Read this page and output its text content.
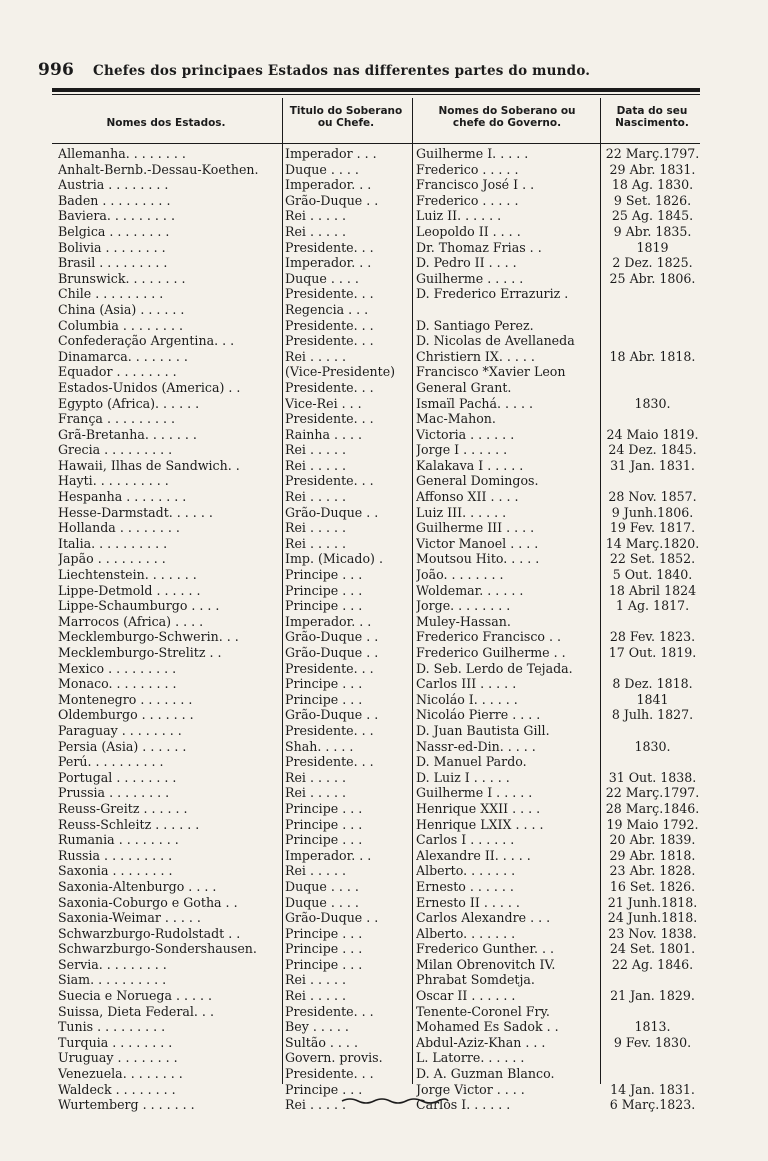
996 Chefes dos principaes Estados nas differentes partes do mundo.
Nomes dos Estados.
Titulo do Soberano
ou Chefe.
Nomes do Soberano ou
chefe do Governo.
Data do seu
Nascimento.
Allemanha. . . . . . . .	Imperador . . .	Guilherme I. . . . .	22 Març.1797.
Anhalt-Bernb.-Dessau-Koethen.	Duque . . . .	Frederico . . . . .	29 Abr. 1831.
Austria . . . . . . . .	Imperador. . .	Francisco José I . .	18 Ag. 1830.
Baden . . . . . . . . .	Grão-Duque . .	Frederico . . . . .	9 Set. 1826.
Baviera. . . . . . . . .	Rei . . . . .	Luiz II. . . . . .	25 Ag. 1845.
Belgica . . . . . . . .	Rei . . . . .	Leopoldo II . . . .	9 Abr. 1835.
Bolivia . . . . . . . .	Presidente. . .	Dr. Thomaz Frias . .	1819
Brasil . . . . . . . . .	Imperador. . .	D. Pedro II . . . .	2 Dez. 1825.
Brunswick. . . . . . . .	Duque . . . .	Guilherme . . . . .	25 Abr. 1806.
Chile . . . . . . . . .	Presidente. . .	D. Frederico Errazuriz .
China (Asia) . . . . . .	Regencia . . .
Columbia . . . . . . . .	Presidente. . .	D. Santiago Perez.
Confederação Argentina. . .	Presidente. . .	D. Nicolas de Avellaneda
Dinamarca. . . . . . . .	Rei . . . . .	Christiern IX. . . . .	18 Abr. 1818.
Equador . . . . . . . .	(Vice-Presidente)	Francisco *Xavier Leon
Estados-Unidos (America) . .	Presidente. . .	General Grant.
Egypto (Africa). . . . . .	Vice-Rei . . .	Ismaïl Pachá. . . . .	1830.
França . . . . . . . . .	Presidente. . .	Mac-Mahon.
Grã-Bretanha. . . . . . .	Rainha . . . .	Victoria . . . . . .	24 Maio 1819.
Grecia . . . . . . . . .	Rei . . . . .	Jorge I . . . . . .	24 Dez. 1845.
Hawaii, Ilhas de Sandwich. .	Rei . . . . .	Kalakava I . . . . .	31 Jan. 1831.
Hayti. . . . . . . . . .	Presidente. . .	General Domingos.
Hespanha . . . . . . . .	Rei . . . . .	Affonso XII . . . .	28 Nov. 1857.
Hesse-Darmstadt. . . . . .	Grão-Duque . .	Luiz III. . . . . .	9 Junh.1806.
Hollanda . . . . . . . .	Rei . . . . .	Guilherme III . . . .	19 Fev. 1817.
Italia. . . . . . . . . .	Rei . . . . .	Victor Manoel . . . .	14 Març.1820.
Japão . . . . . . . . .	Imp. (Micado) .	Moutsou Hito. . . . .	22 Set. 1852.
Liechtenstein. . . . . . .	Principe . . .	João. . . . . . . .	5 Out. 1840.
Lippe-Detmold . . . . . .	Principe . . .	Woldemar. . . . . .	18 Abril 1824
Lippe-Schaumburgo . . . .	Principe . . .	Jorge. . . . . . . .	1 Ag. 1817.
Marrocos (Africa) . . . .	Imperador. . .	Muley-Hassan.
Mecklemburgo-Schwerin. . .	Grão-Duque . .	Frederico Francisco . .	28 Fev. 1823.
Mecklemburgo-Strelitz . .	Grão-Duque . .	Frederico Guilherme . .	17 Out. 1819.
Mexico . . . . . . . . .	Presidente. . .	D. Seb. Lerdo de Tejada.
Monaco. . . . . . . . .	Principe . . .	Carlos III . . . . .	8 Dez. 1818.
Montenegro . . . . . . .	Principe . . .	Nicoláo I. . . . . .	1841
Oldemburgo . . . . . . .	Grão-Duque . .	Nicoláo Pierre . . . .	8 Julh. 1827.
Paraguay . . . . . . . .	Presidente. . .	D. Juan Bautista Gill.
Persia (Asia) . . . . . .	Shah. . . . .	Nassr-ed-Din. . . . .	1830.
Perú. . . . . . . . . .	Presidente. . .	D. Manuel Pardo.
Portugal . . . . . . . .	Rei . . . . .	D. Luiz I . . . . .	31 Out. 1838.
Prussia . . . . . . . .	Rei . . . . .	Guilherme I . . . . .	22 Març.1797.
Reuss-Greitz . . . . . .	Principe . . .	Henrique XXII . . . .	28 Març.1846.
Reuss-Schleitz . . . . . .	Principe . . .	Henrique LXIX . . . .	19 Maio 1792.
Rumania . . . . . . . .	Principe . . .	Carlos I . . . . . .	20 Abr. 1839.
Russia . . . . . . . . .	Imperador. . .	Alexandre II. . . . .	29 Abr. 1818.
Saxonia . . . . . . . .	Rei . . . . .	Alberto. . . . . . .	23 Abr. 1828.
Saxonia-Altenburgo . . . .	Duque . . . .	Ernesto . . . . . .	16 Set. 1826.
Saxonia-Coburgo e Gotha . .	Duque . . . .	Ernesto II . . . . .	21 Junh.1818.
Saxonia-Weimar . . . . .	Grão-Duque . .	Carlos Alexandre . . .	24 Junh.1818.
Schwarzburgo-Rudolstadt . .	Principe . . .	Alberto. . . . . . .	23 Nov. 1838.
Schwarzburgo-Sondershausen.	Principe . . .	Frederico Gunther. . .	24 Set. 1801.
Servia. . . . . . . . .	Principe . . .	Milan Obrenovitch IV.	22 Ag. 1846.
Siam. . . . . . . . . .	Rei . . . . .	Phrabat Somdetja.
Suecia e Noruega . . . . .	Rei . . . . .	Oscar II . . . . . .	21 Jan. 1829.
Suissa, Dieta Federal. . .	Presidente. . .	Tenente-Coronel Fry.
Tunis . . . . . . . . .	Bey . . . . .	Mohamed Es Sadok . .	1813.
Turquia . . . . . . . .	Sultão . . . .	Abdul-Aziz-Khan . . .	9 Fev. 1830.
Uruguay . . . . . . . .	Govern. provis.	L. Latorre. . . . . .
Venezuela. . . . . . . .	Presidente. . .	D. A. Guzman Blanco.
Waldeck . . . . . . . .	Principe . . .	Jorge Victor . . . .	14 Jan. 1831.
Wurtemberg . . . . . . .	Rei . . . . .	Carlos I. . . . . .	6 Març.1823.
